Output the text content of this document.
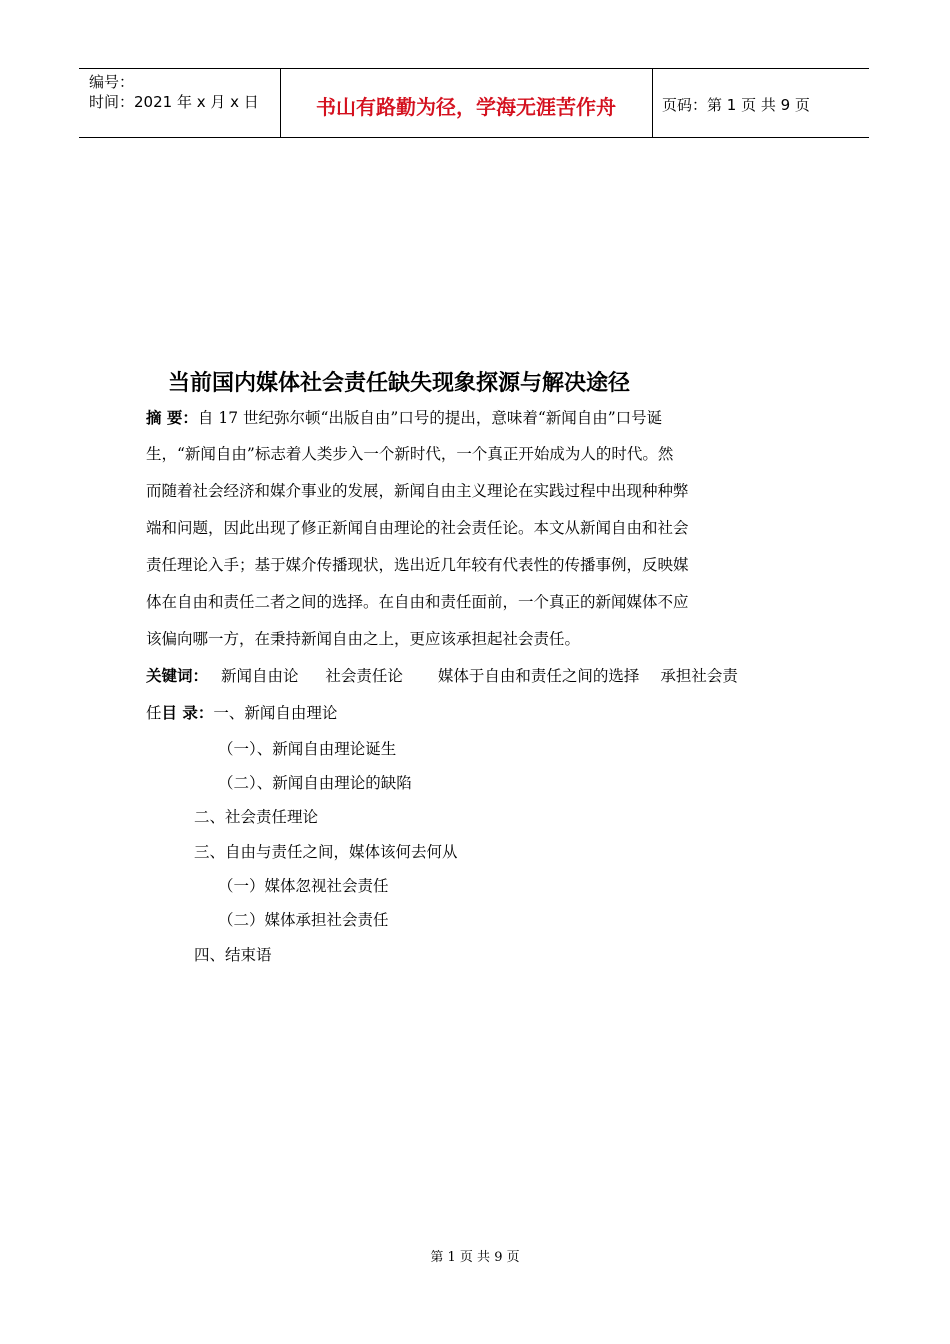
编号：
时间：2021 年 x 月 x 日	书山有路勤为径，学海无涯苦作舟	页码：第 1 页 共 9 页
当前国内媒体社会责任缺失现象探源与解决途径
摘 要：自 17 世纪弥尔顿“出版自由”口号的提出，意味着“新闻自由”口号诞
生，“新闻自由”标志着人类步入一个新时代，一个真正开始成为人的时代。然
而随着社会经济和媒介事业的发展，新闻自由主义理论在实践过程中出现种种弊
端和问题，因此出现了修正新闻自由理论的社会责任论。本文从新闻自由和社会
责任理论入手；基于媒介传播现状，选出近几年较有代表性的传播事例，反映媒
体在自由和责任二者之间的选择。在自由和责任面前，一个真正的新闻媒体不应
该偏向哪一方，在秉持新闻自由之上，更应该承担起社会责任。
关键词： 新闻自由论 社会责任论 媒体于自由和责任之间的选择 承担社会责
任目 录：一、新闻自由理论
（一）、新闻自由理论诞生
（二）、新闻自由理论的缺陷
二、社会责任理论
三、自由与责任之间，媒体该何去何从
（一）媒体忽视社会责任
（二）媒体承担社会责任
四、结束语
第 1 页 共 9 页
